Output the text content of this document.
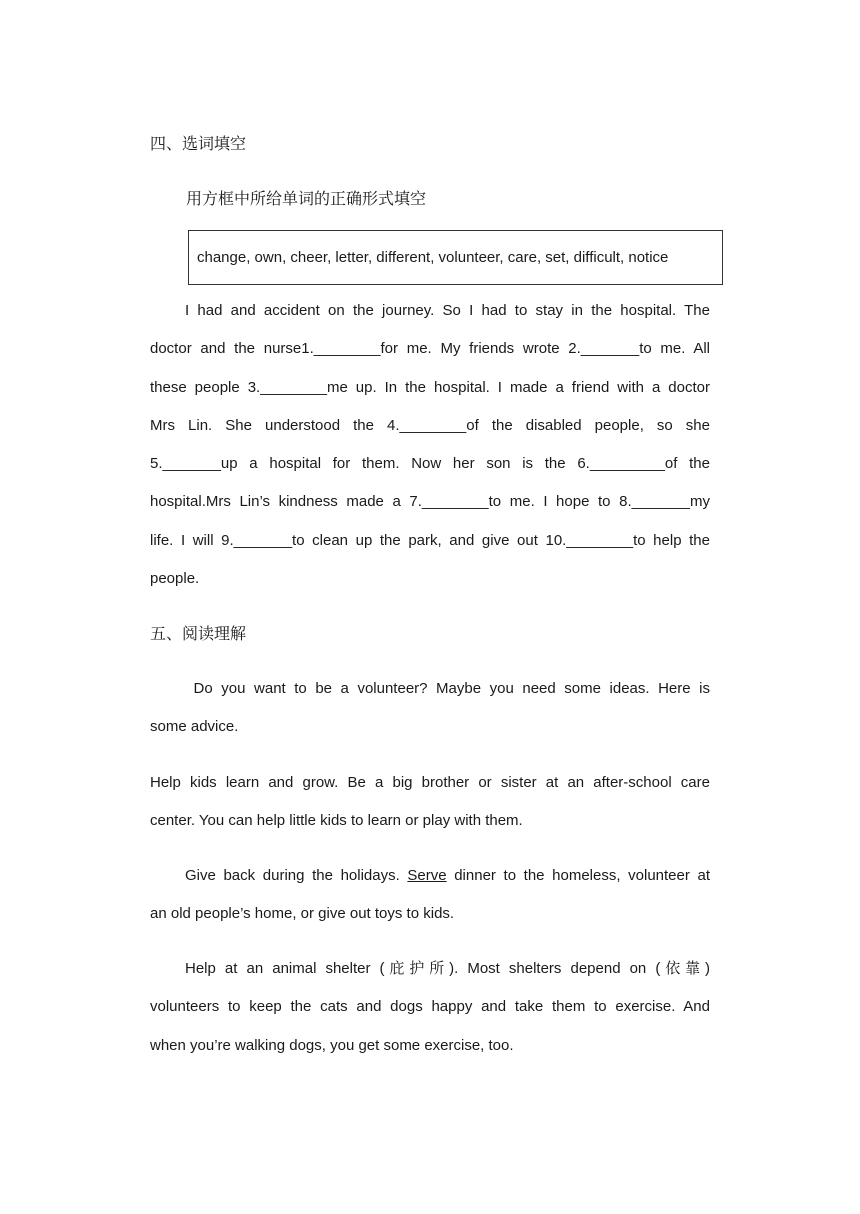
四、选词填空
用方框中所给单词的正确形式填空
change, own, cheer, letter, different, volunteer, care, set, difficult, notice
I had and accident on the journey. So I had to stay in the hospital. The
doctor and the nurse1.________for me. My friends wrote 2._______to me. All
these people 3.________me up. In the hospital. I made a friend with a doctor
Mrs Lin. She understood the 4.________of the disabled people, so she
5._______up a hospital for them. Now her son is the 6._________of the
hospital.Mrs Lin’s kindness made a 7.________to me. I hope to 8._______my
life. I will 9._______to clean up the park, and give out 10.________to help the
people.
五、阅读理解
Do you want to be a volunteer? Maybe you need some ideas. Here is
some advice.
Help kids learn and grow. Be a big brother or sister at an after-school care
center. You can help little kids to learn or play with them.
Give back during the holidays. Serve dinner to the homeless, volunteer at
an old people’s home, or give out toys to kids.
Help at an animal shelter (庇护所). Most shelters depend on (依靠)
volunteers to keep the cats and dogs happy and take them to exercise. And
when you’re walking dogs, you get some exercise, too.
